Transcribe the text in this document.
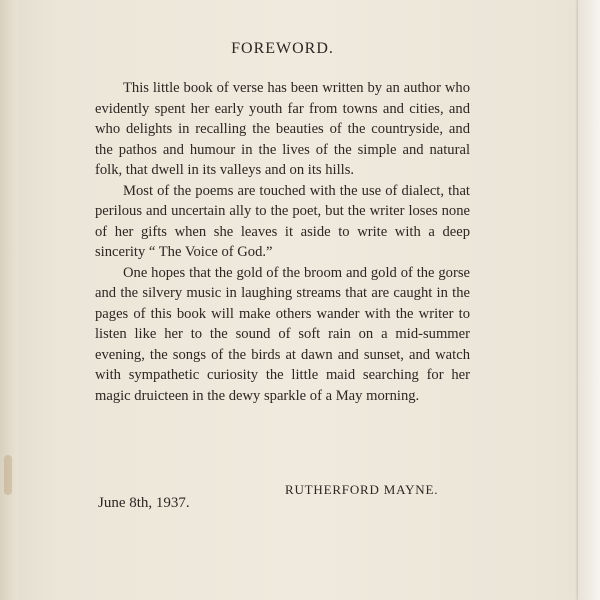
FOREWORD.

This little book of verse has been written by an author who evidently spent her early youth far from towns and cities, and who delights in recalling the beauties of the countryside, and the pathos and humour in the lives of the simple and natural folk, that dwell in its valleys and on its hills.

Most of the poems are touched with the use of dialect, that perilous and uncertain ally to the poet, but the writer loses none of her gifts when she leaves it aside to write with a deep sincerity “ The Voice of God.”

One hopes that the gold of the broom and gold of the gorse and the silvery music in laughing streams that are caught in the pages of this book will make others wander with the writer to listen like her to the sound of soft rain on a mid-summer evening, the songs of the birds at dawn and sunset, and watch with sympathetic curiosity the little maid searching for her magic druicteen in the dewy sparkle of a May morning.

RUTHERFORD MAYNE.
June 8th, 1937.
